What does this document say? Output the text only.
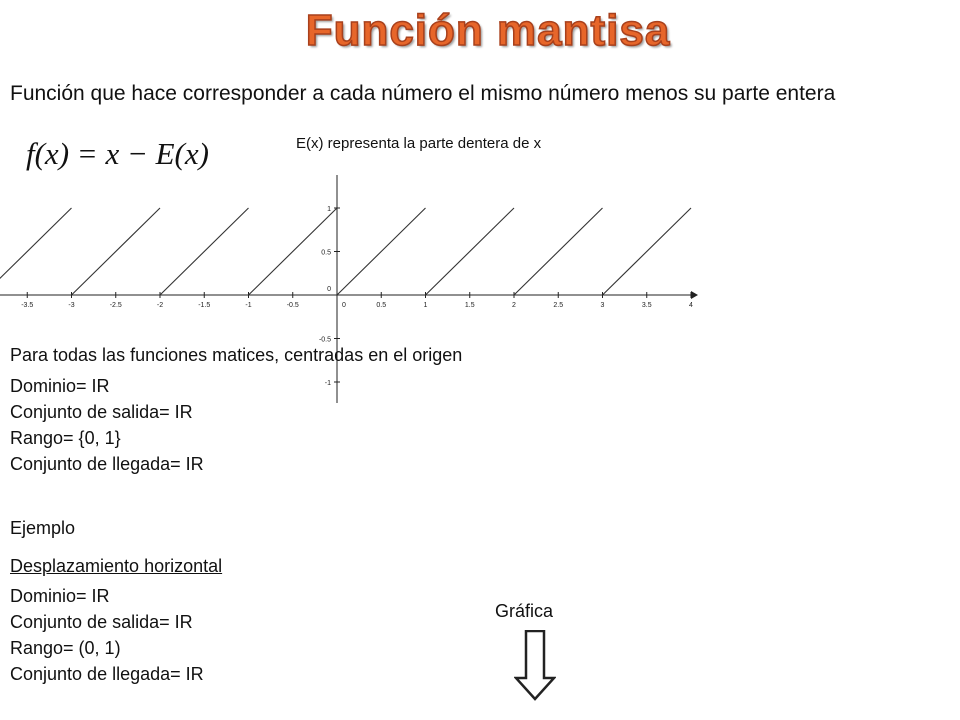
Función mantisa
Función que hace corresponder a cada número el mismo número menos su parte entera
f(x) = x − E(x)	E(x) representa la parte dentera de x
-3.5	-3	-2.5	-2	-1.5	-1	-0.5	0	0.5	1	1.5	2	2.5	3	3.5	4
1
0.5
0
-0.5
-1
Para todas las funciones matices, centradas en el origen
Dominio= IR
Conjunto de salida= IR
Rango= {0, 1}
Conjunto de llegada= IR
Ejemplo
Desplazamiento horizontal
Dominio= IR
Conjunto de salida= IR
Rango= (0, 1)
Conjunto de llegada= IR
Gráfica
